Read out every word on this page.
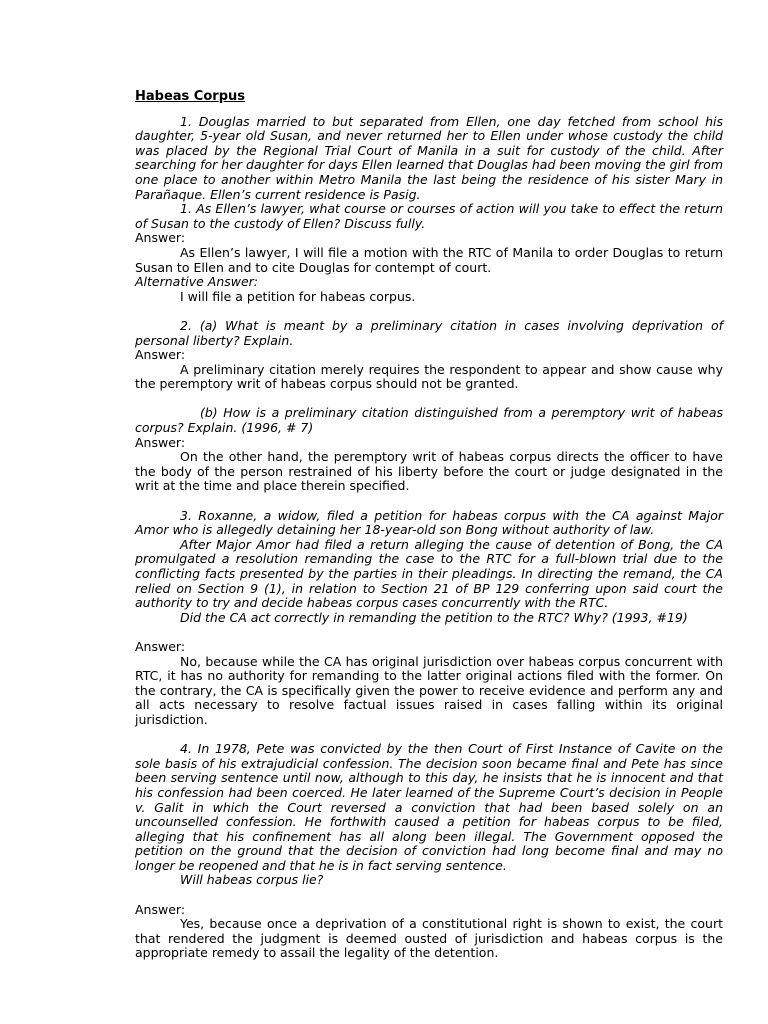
Habeas Corpus

1. Douglas married to but separated from Ellen, one day fetched from school his daughter, 5-year old Susan, and never returned her to Ellen under whose custody the child was placed by the Regional Trial Court of Manila in a suit for custody of the child. After searching for her daughter for days Ellen learned that Douglas had been moving the girl from one place to another within Metro Manila the last being the residence of his sister Mary in Parañaque. Ellen’s current residence is Pasig.

1. As Ellen’s lawyer, what course or courses of action will you take to effect the return of Susan to the custody of Ellen? Discuss fully.

Answer:

As Ellen’s lawyer, I will file a motion with the RTC of Manila to order Douglas to return Susan to Ellen and to cite Douglas for contempt of court.

Alternative Answer:

I will file a petition for habeas corpus.

2. (a) What is meant by a preliminary citation in cases involving deprivation of personal liberty? Explain.

Answer:

A preliminary citation merely requires the respondent to appear and show cause why the peremptory writ of habeas corpus should not be granted.

(b) How is a preliminary citation distinguished from a peremptory writ of habeas corpus? Explain. (1996, # 7)

Answer:

On the other hand, the peremptory writ of habeas corpus directs the officer to have the body of the person restrained of his liberty before the court or judge designated in the writ at the time and place therein specified.

3. Roxanne, a widow, filed a petition for habeas corpus with the CA against Major Amor who is allegedly detaining her 18-year-old son Bong without authority of law.

After Major Amor had filed a return alleging the cause of detention of Bong, the CA promulgated a resolution remanding the case to the RTC for a full-blown trial due to the conflicting facts presented by the parties in their pleadings. In directing the remand, the CA relied on Section 9 (1), in relation to Section 21 of BP 129 conferring upon said court the authority to try and decide habeas corpus cases concurrently with the RTC.

Did the CA act correctly in remanding the petition to the RTC? Why? (1993, #19)

Answer:

No, because while the CA has original jurisdiction over habeas corpus concurrent with RTC, it has no authority for remanding to the latter original actions filed with the former. On the contrary, the CA is specifically given the power to receive evidence and perform any and all acts necessary to resolve factual issues raised in cases falling within its original jurisdiction.

4. In 1978, Pete was convicted by the then Court of First Instance of Cavite on the sole basis of his extrajudicial confession. The decision soon became final and Pete has since been serving sentence until now, although to this day, he insists that he is innocent and that his confession had been coerced. He later learned of the Supreme Court’s decision in People v. Galit in which the Court reversed a conviction that had been based solely on an uncounselled confession. He forthwith caused a petition for habeas corpus to be filed, alleging that his confinement has all along been illegal. The Government opposed the petition on the ground that the decision of conviction had long become final and may no longer be reopened and that he is in fact serving sentence.

Will habeas corpus lie?

Answer:

Yes, because once a deprivation of a constitutional right is shown to exist, the court that rendered the judgment is deemed ousted of jurisdiction and habeas corpus is the appropriate remedy to assail the legality of the detention.
